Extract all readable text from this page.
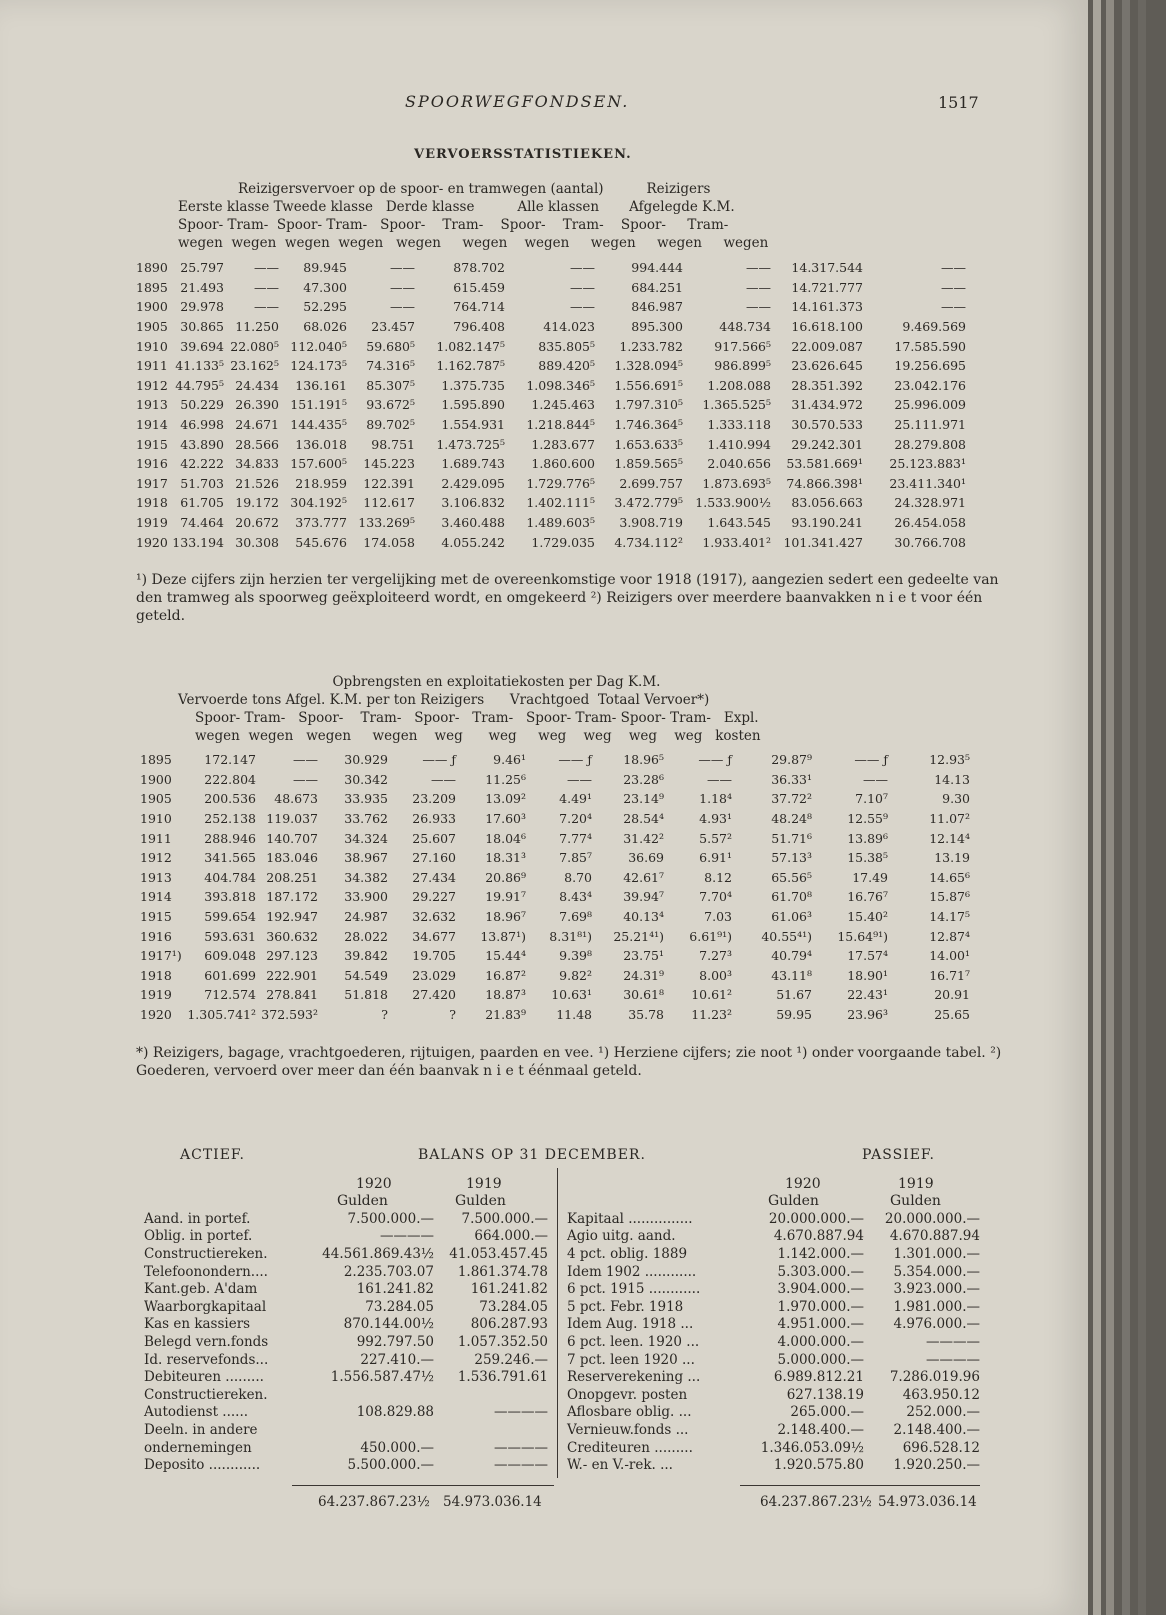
SPOORWEGFONDSEN.	1517
VERVOERSSTATISTIEKEN.
Reizigersvervoer op de spoor- en tramwegen (aantal)          Reizigers
Eerste klasse Tweede klasse   Derde klasse          Alle klassen       Afgelegde K.M.
Spoor- Tram-  Spoor- Tram-   Spoor-    Tram-    Spoor-    Tram-    Spoor-     Tram-
wegen  wegen  wegen  wegen   wegen     wegen    wegen     wegen     wegen     wegen
1890	25.797	——	89.945	——	878.702	——	994.444	——	14.317.544	——
1895	21.493	——	47.300	——	615.459	——	684.251	——	14.721.777	——
1900	29.978	——	52.295	——	764.714	——	846.987	——	14.161.373	——
1905	30.865	11.250	68.026	23.457	796.408	414.023	895.300	448.734	16.618.100	9.469.569
1910	39.694	22.080⁵	112.040⁵	59.680⁵	1.082.147⁵	835.805⁵	1.233.782	917.566⁵	22.009.087	17.585.590
1911	41.133⁵	23.162⁵	124.173⁵	74.316⁵	1.162.787⁵	889.420⁵	1.328.094⁵	986.899⁵	23.626.645	19.256.695
1912	44.795⁵	24.434	136.161	85.307⁵	1.375.735	1.098.346⁵	1.556.691⁵	1.208.088	28.351.392	23.042.176
1913	50.229	26.390	151.191⁵	93.672⁵	1.595.890	1.245.463	1.797.310⁵	1.365.525⁵	31.434.972	25.996.009
1914	46.998	24.671	144.435⁵	89.702⁵	1.554.931	1.218.844⁵	1.746.364⁵	1.333.118	30.570.533	25.111.971
1915	43.890	28.566	136.018	98.751	1.473.725⁵	1.283.677	1.653.633⁵	1.410.994	29.242.301	28.279.808
1916	42.222	34.833	157.600⁵	145.223	1.689.743	1.860.600	1.859.565⁵	2.040.656	53.581.669¹	25.123.883¹
1917	51.703	21.526	218.959	122.391	2.429.095	1.729.776⁵	2.699.757	1.873.693⁵	74.866.398¹	23.411.340¹
1918	61.705	19.172	304.192⁵	112.617	3.106.832	1.402.111⁵	3.472.779⁵	1.533.900½	83.056.663	24.328.971
1919	74.464	20.672	373.777	133.269⁵	3.460.488	1.489.603⁵	3.908.719	1.643.545	93.190.241	26.454.058
1920	133.194	30.308	545.676	174.058	4.055.242	1.729.035	4.734.112²	1.933.401²	101.341.427	30.766.708
¹) Deze cijfers zijn herzien ter vergelijking met de overeenkomstige voor 1918 (1917), aangezien sedert een gedeelte van den tramweg als spoorweg geëxploiteerd wordt, en omgekeerd ²) Reizigers over meerdere baanvakken n i e t voor één geteld.
Opbrengsten en exploitatiekosten per Dag K.M.
Vervoerde tons Afgel. K.M. per ton Reizigers      Vrachtgoed  Totaal Vervoer*)
Spoor- Tram-   Spoor-    Tram-   Spoor-   Tram-   Spoor- Tram- Spoor- Tram-   Expl.
wegen  wegen   wegen     wegen    weg      weg     weg    weg    weg    weg   kosten
1895	172.147	——	30.929	—— ƒ	9.46¹	—— ƒ	18.96⁵	—— ƒ	29.87⁹	—— ƒ	12.93⁵
1900	222.804	——	30.342	——	11.25⁶	——	23.28⁶	——	36.33¹	——	14.13
1905	200.536	48.673	33.935	23.209	13.09²	4.49¹	23.14⁹	1.18⁴	37.72²	7.10⁷	9.30
1910	252.138	119.037	33.762	26.933	17.60³	7.20⁴	28.54⁴	4.93¹	48.24⁸	12.55⁹	11.07²
1911	288.946	140.707	34.324	25.607	18.04⁶	7.77⁴	31.42²	5.57²	51.71⁶	13.89⁶	12.14⁴
1912	341.565	183.046	38.967	27.160	18.31³	7.85⁷	36.69	6.91¹	57.13³	15.38⁵	13.19
1913	404.784	208.251	34.382	27.434	20.86⁹	8.70	42.61⁷	8.12	65.56⁵	17.49	14.65⁶
1914	393.818	187.172	33.900	29.227	19.91⁷	8.43⁴	39.94⁷	7.70⁴	61.70⁸	16.76⁷	15.87⁶
1915	599.654	192.947	24.987	32.632	18.96⁷	7.69⁸	40.13⁴	7.03	61.06³	15.40²	14.17⁵
1916	593.631	360.632	28.022	34.677	13.87¹)	8.31⁸¹)	25.21⁴¹)	6.61⁹¹)	40.55⁴¹)	15.64⁹¹)	12.87⁴
1917¹)	609.048	297.123	39.842	19.705	15.44⁴	9.39⁸	23.75¹	7.27³	40.79⁴	17.57⁴	14.00¹
1918	601.699	222.901	54.549	23.029	16.87²	9.82²	24.31⁹	8.00³	43.11⁸	18.90¹	16.71⁷
1919	712.574	278.841	51.818	27.420	18.87³	10.63¹	30.61⁸	10.61²	51.67	22.43¹	20.91
1920	1.305.741²	372.593²	?	?	21.83⁹	11.48	35.78	11.23²	59.95	23.96³	25.65
*) Reizigers, bagage, vrachtgoederen, rijtuigen, paarden en vee. ¹) Herziene cijfers; zie noot ¹) onder voorgaande tabel. ²) Goederen, vervoerd over meer dan één baanvak n i e t éénmaal geteld.
ACTIEF.	BALANS OP 31 DECEMBER.	PASSIEF.
1920	1919
Gulden	Gulden
1920	1919
Gulden	Gulden
Aand. in portef.	7.500.000.—	7.500.000.—
Oblig. in portef.	————	664.000.—
Constructiereken.	44.561.869.43½	41.053.457.45
Telefoonondern....	2.235.703.07	1.861.374.78
Kant.geb. A'dam	161.241.82	161.241.82
Waarborgkapitaal	73.284.05	73.284.05
Kas en kassiers	870.144.00½	806.287.93
Belegd vern.fonds	992.797.50	1.057.352.50
Id. reservefonds...	227.410.—	259.246.—
Debiteuren .........	1.556.587.47½	1.536.791.61
Constructiereken.		
Autodienst ......	108.829.88	————
Deeln. in andere		
ondernemingen	450.000.—	————
Deposito ............	5.500.000.—	————
Kapitaal ...............	20.000.000.—	20.000.000.—
Agio uitg. aand.	4.670.887.94	4.670.887.94
4 pct. oblig. 1889	1.142.000.—	1.301.000.—
Idem 1902 ............	5.303.000.—	5.354.000.—
6 pct. 1915 ............	3.904.000.—	3.923.000.—
5 pct. Febr. 1918	1.970.000.—	1.981.000.—
Idem Aug. 1918 ...	4.951.000.—	4.976.000.—
6 pct. leen. 1920 ...	4.000.000.—	————
7 pct. leen 1920 ...	5.000.000.—	————
Reserverekening ...	6.989.812.21	7.286.019.96
Onopgevr. posten	627.138.19	463.950.12
Aflosbare oblig. ...	265.000.—	252.000.—
Vernieuw.fonds ...	2.148.400.—	2.148.400.—
Crediteuren .........	1.346.053.09½	696.528.12
W.- en V.-rek. ...	1.920.575.80	1.920.250.—
64.237.867.23½ 54.973.036.14	64.237.867.23½ 54.973.036.14
